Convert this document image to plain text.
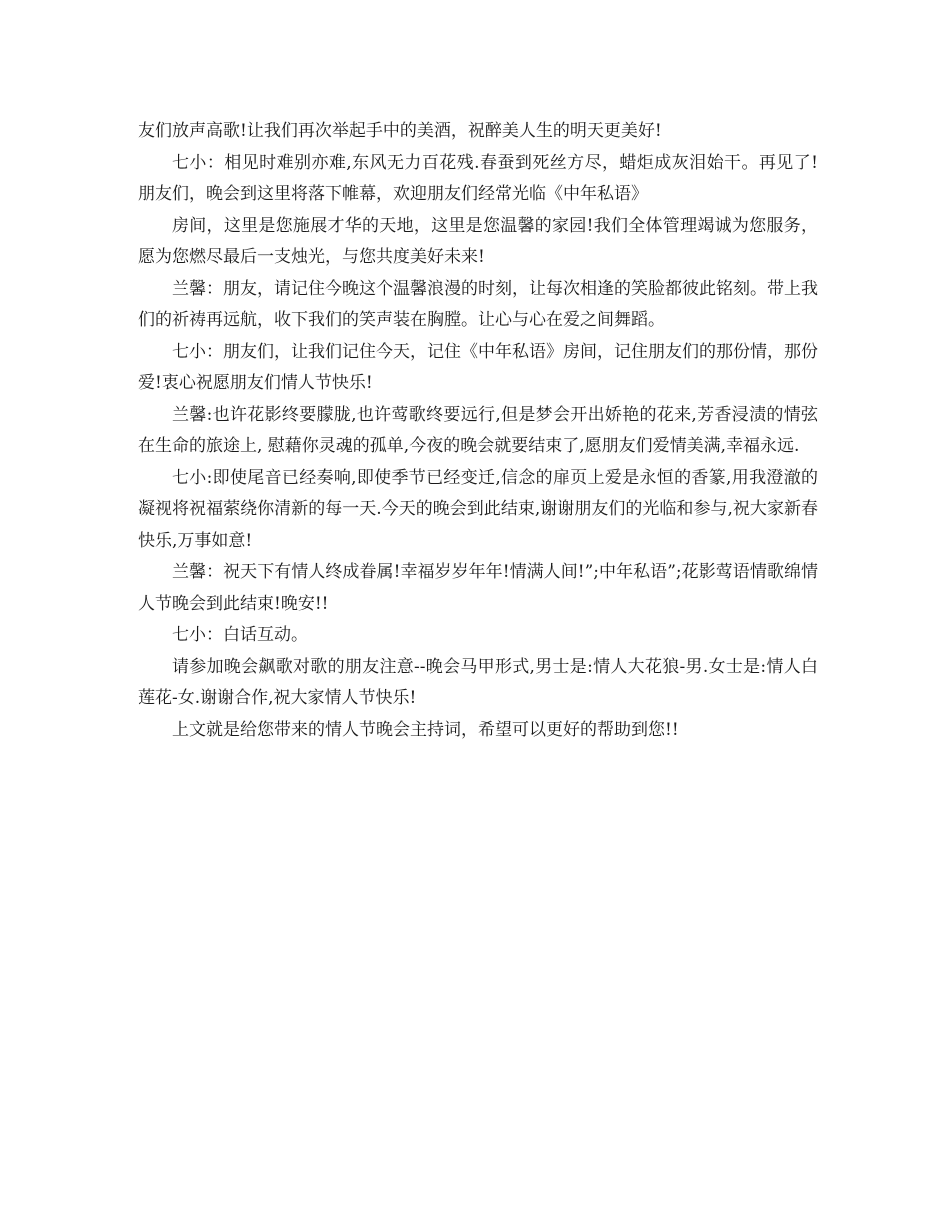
友们放声高歌!让我们再次举起手中的美酒，祝醉美人生的明天更美好!

七小：相见时难别亦难,东风无力百花残.春蚕到死丝方尽，蜡炬成灰泪始干。再见了!朋友们，晚会到这里将落下帷幕，欢迎朋友们经常光临《中年私语》

房间，这里是您施展才华的天地，这里是您温馨的家园!我们全体管理竭诚为您服务，愿为您燃尽最后一支烛光，与您共度美好未来!

兰馨：朋友，请记住今晚这个温馨浪漫的时刻，让每次相逢的笑脸都彼此铭刻。带上我们的祈祷再远航，收下我们的笑声装在胸膛。让心与心在爱之间舞蹈。

七小：朋友们，让我们记住今天，记住《中年私语》房间，记住朋友们的那份情，那份爱!衷心祝愿朋友们情人节快乐!

兰馨:也许花影终要朦胧,也许莺歌终要远行,但是梦会开出娇艳的花来,芳香浸渍的情弦在生命的旅途上, 慰藉你灵魂的孤单,今夜的晚会就要结束了,愿朋友们爱情美满,幸福永远.

七小:即使尾音已经奏响,即使季节已经变迁,信念的扉页上爱是永恒的香篆,用我澄澈的凝视将祝福萦绕你清新的每一天.今天的晚会到此结束,谢谢朋友们的光临和参与,祝大家新春快乐,万事如意!

兰馨：祝天下有情人终成眷属!幸福岁岁年年!情满人间!”;中年私语”;花影莺语情歌绵情人节晚会到此结束!晚安!!

七小：白话互动。

请参加晚会飙歌对歌的朋友注意--晚会马甲形式,男士是:情人大花狼-男.女士是:情人白莲花-女.谢谢合作,祝大家情人节快乐!

上文就是给您带来的情人节晚会主持词，希望可以更好的帮助到您!!
